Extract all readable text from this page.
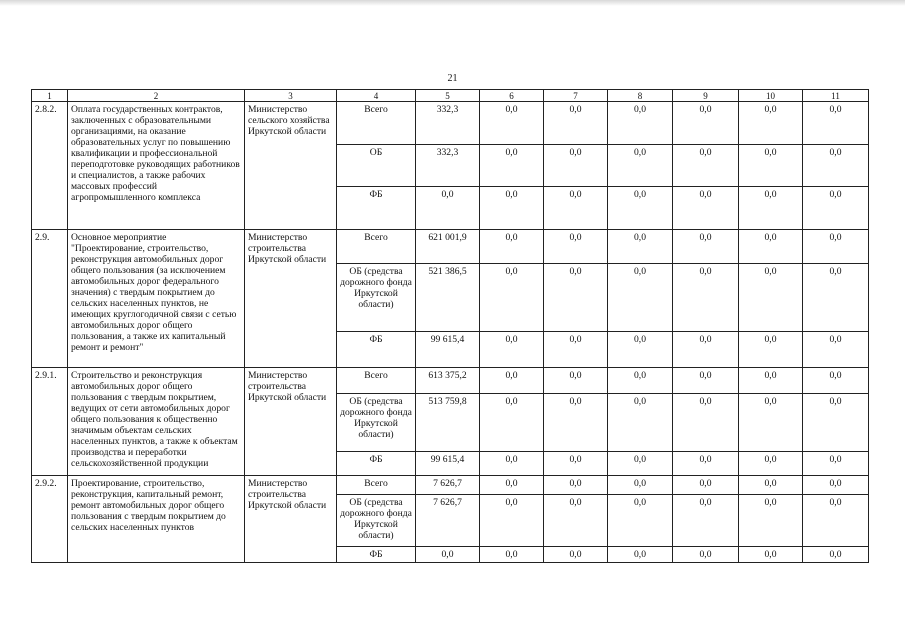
21
1	2	3	4	5	6	7	8	9	10	11
2.8.2.	Оплата государственных контрактов, заключенных с образовательными организациями, на оказание образовательных услуг по повышению квалификации и профессиональной переподготовке руководящих работников и специалистов, а также рабочих массовых профессий агропромышленного комплекса	Министерство сельского хозяйства Иркутской области	Всего	332,3	0,0	0,0	0,0	0,0	0,0	0,0
			ОБ	332,3	0,0	0,0	0,0	0,0	0,0	0,0
			ФБ	0,0	0,0	0,0	0,0	0,0	0,0	0,0
2.9.	Основное мероприятие "Проектирование, строительство, реконструкция автомобильных дорог общего пользования (за исключением автомобильных дорог федерального значения) с твердым покрытием до сельских населенных пунктов, не имеющих круглогодичной связи с сетью автомобильных дорог общего пользования, а также их капитальный ремонт и ремонт"	Министерство строительства Иркутской области	Всего	621 001,9	0,0	0,0	0,0	0,0	0,0	0,0
			ОБ (средства дорожного фонда Иркутской области)	521 386,5	0,0	0,0	0,0	0,0	0,0	0,0
			ФБ	99 615,4	0,0	0,0	0,0	0,0	0,0	0,0
2.9.1.	Строительство и реконструкция автомобильных дорог общего пользования с твердым покрытием, ведущих от сети автомобильных дорог общего пользования к общественно значимым объектам сельских населенных пунктов, а также к объектам производства и переработки сельскохозяйственной продукции	Министерство строительства Иркутской области	Всего	613 375,2	0,0	0,0	0,0	0,0	0,0	0,0
			ОБ (средства дорожного фонда Иркутской области)	513 759,8	0,0	0,0	0,0	0,0	0,0	0,0
			ФБ	99 615,4	0,0	0,0	0,0	0,0	0,0	0,0
2.9.2.	Проектирование, строительство, реконструкция, капитальный ремонт, ремонт автомобильных дорог общего пользования с твердым покрытием до сельских населенных пунктов	Министерство строительства Иркутской области	Всего	7 626,7	0,0	0,0	0,0	0,0	0,0	0,0
			ОБ (средства дорожного фонда Иркутской области)	7 626,7	0,0	0,0	0,0	0,0	0,0	0,0
			ФБ	0,0	0,0	0,0	0,0	0,0	0,0	0,0
